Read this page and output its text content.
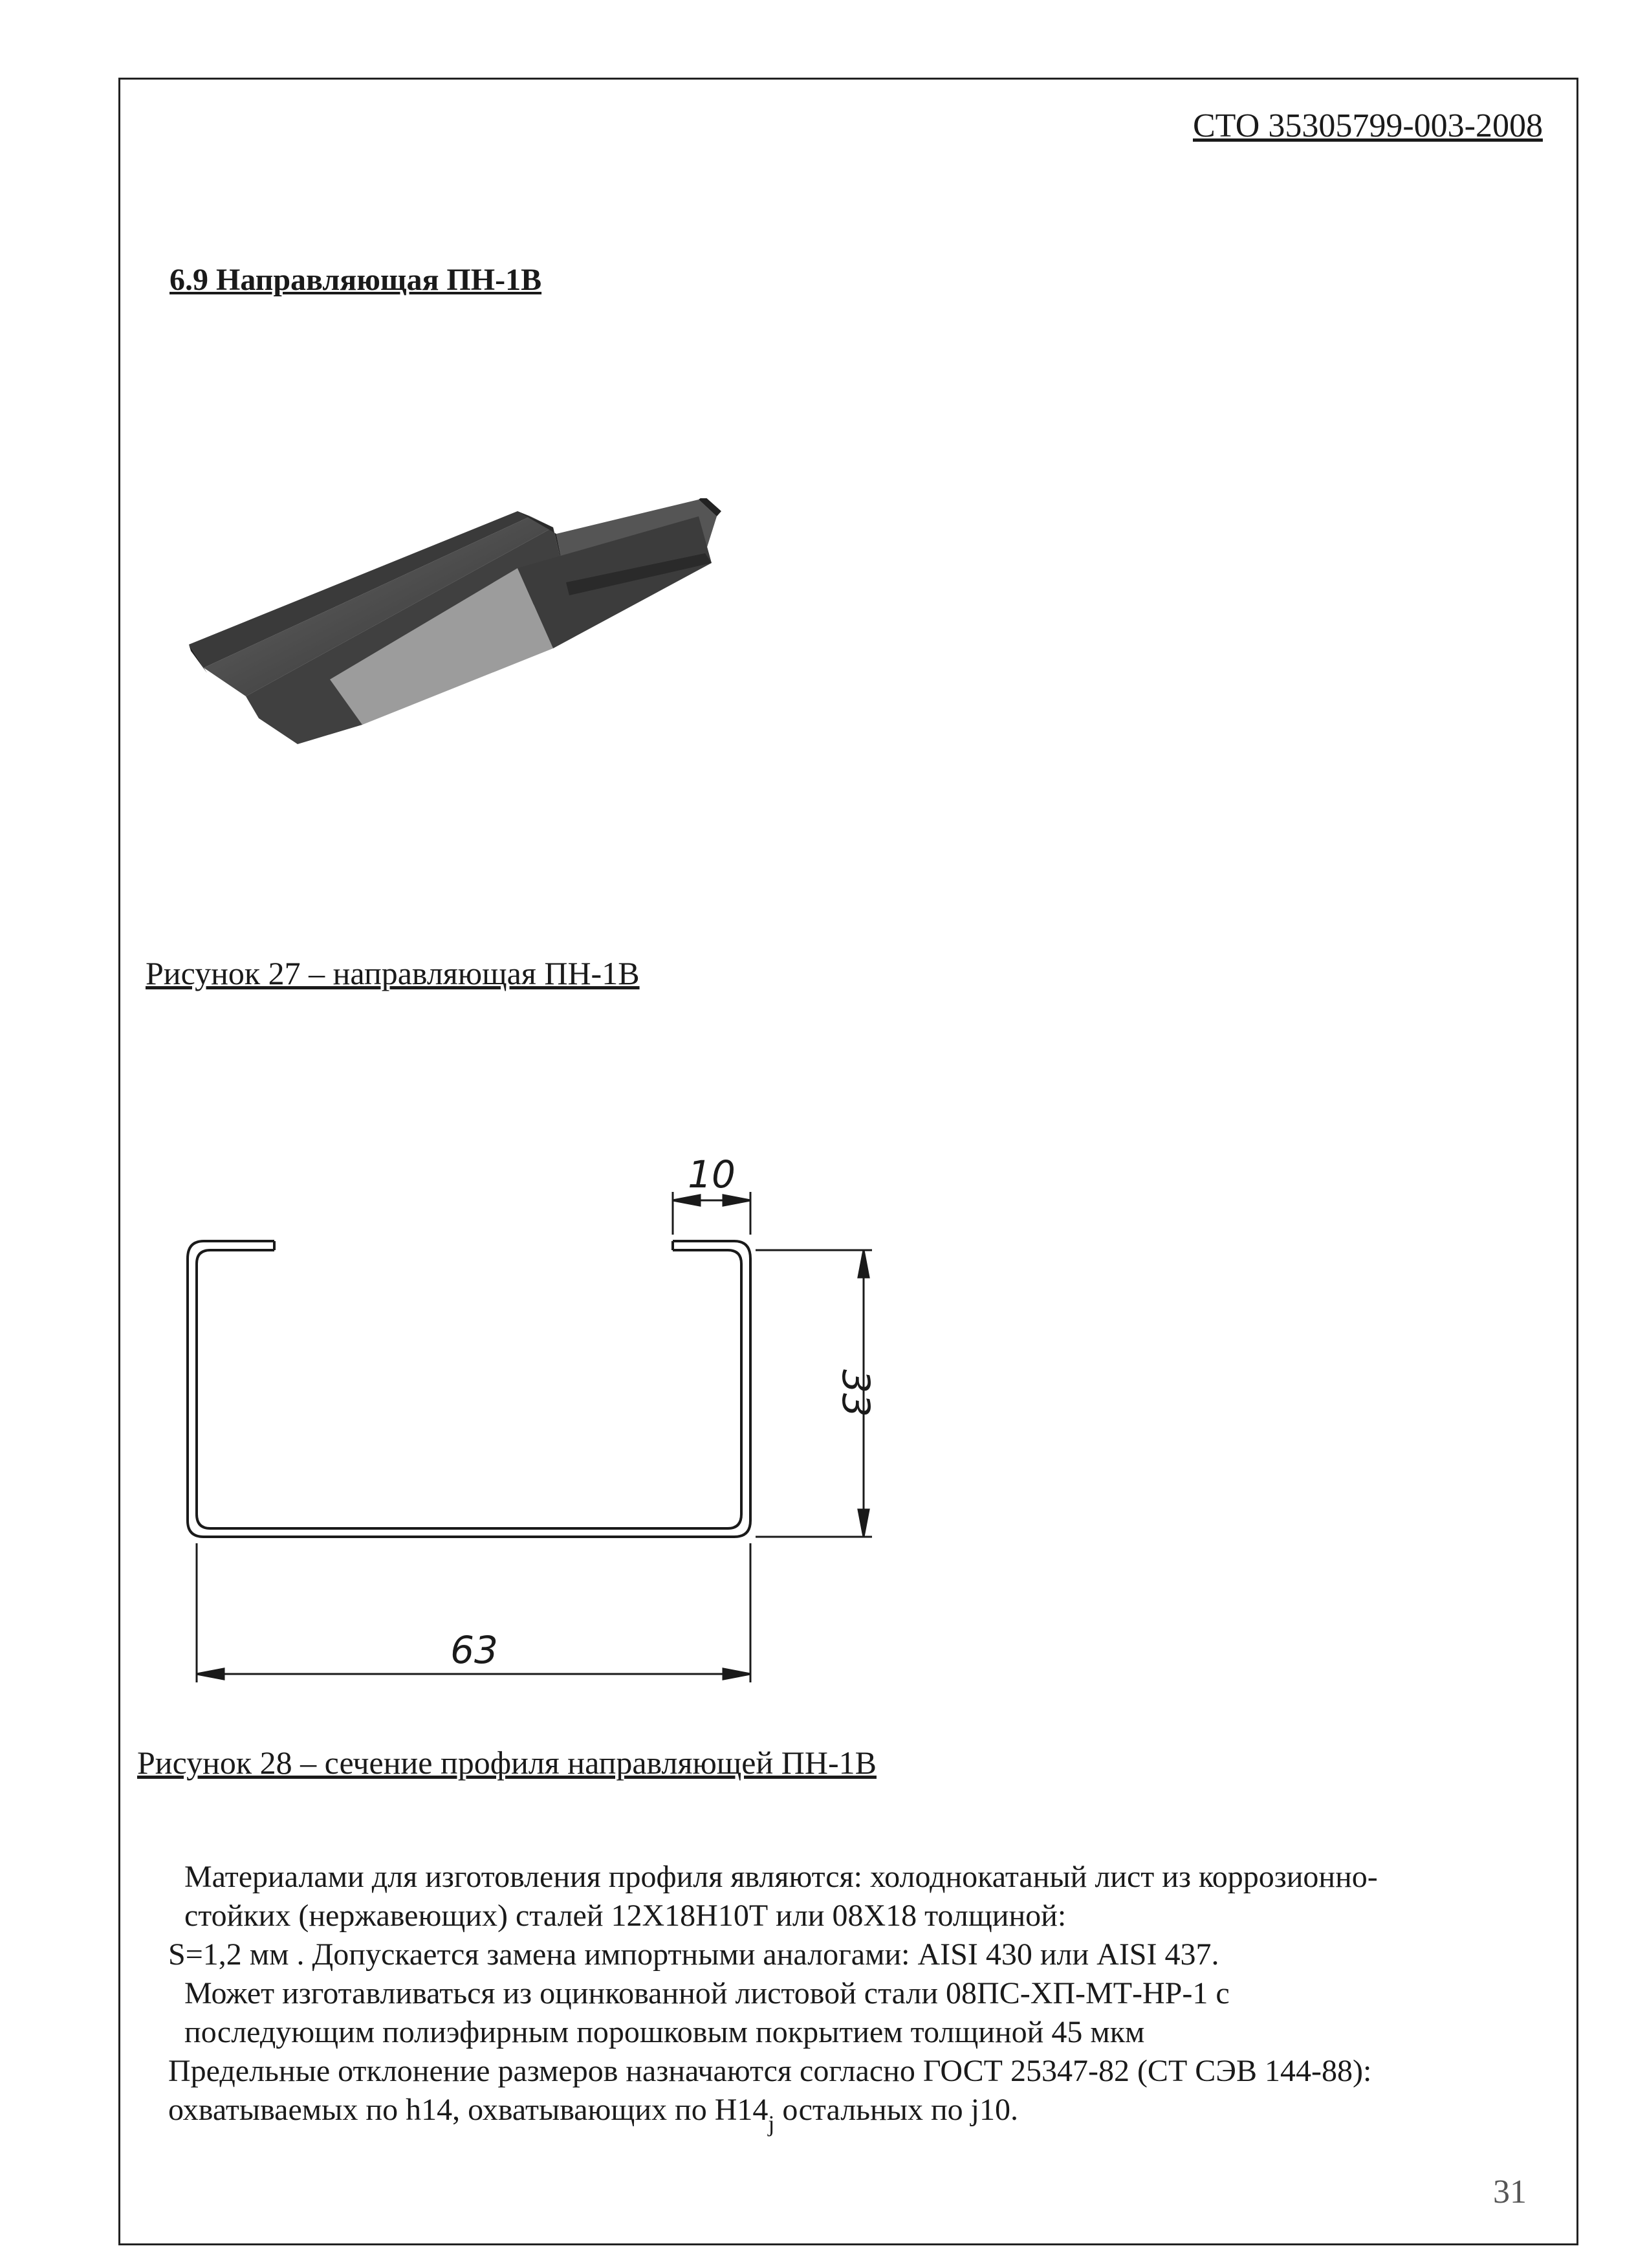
СТО 35305799-003-2008
6.9 Направляющая ПН-1В
Рисунок 27 – направляющая ПН-1В
10
33
63
Рисунок 28 – сечение профиля направляющей ПН-1В
Материалами для изготовления профиля являются: холоднокатаный лист из коррозионно-
стойких (нержавеющих) сталей 12Х18Н10Т или 08Х18 толщиной:
S=1,2 мм . Допускается замена импортными аналогами: AISI 430 или AISI 437.
Может изготавливаться из оцинкованной листовой стали 08ПС-ХП-МТ-НР-1 с
последующим полиэфирным порошковым покрытием толщиной 45 мкм
Предельные отклонение размеров назначаются согласно ГОСТ 25347-82 (СТ СЭВ 144-88):
охватываемых по h14, охватывающих по $H14_j$ остальных по j10.
31
